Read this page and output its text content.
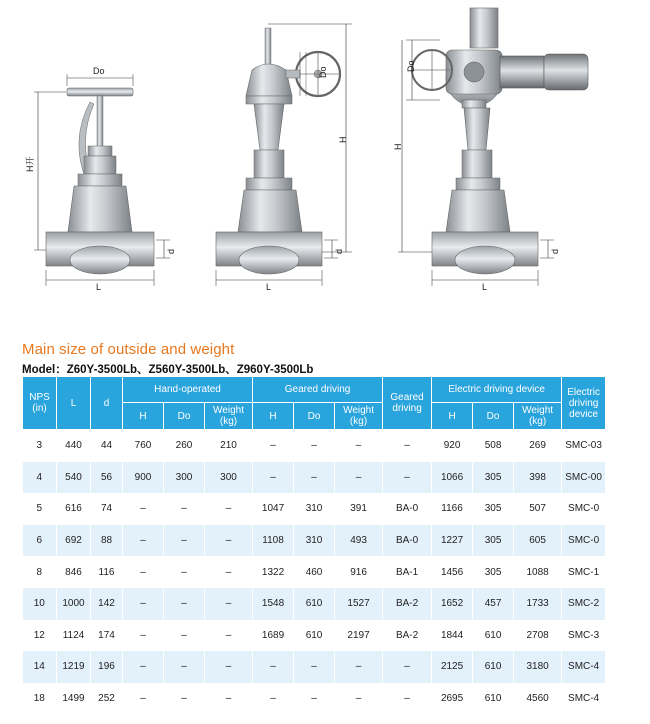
Do
H开
L
d
Do
H
L
d
Do
H
L
d
Main size of outside and weight
Model：Z60Y-3500Lb、Z560Y-3500Lb、Z960Y-3500Lb
NPS (in)	L	d	Hand-operated			Geared driving			Geared driving	Electric driving device			Electric driving device
			H	Do	Weight (kg)	H	Do	Weight (kg)		H	Do	Weight (kg)	
3	440	44	760	260	210	–	–	–	–	920	508	269	SMC-03
4	540	56	900	300	300	–	–	–	–	1066	305	398	SMC-00
5	616	74	–	–	–	1047	310	391	BA-0	1166	305	507	SMC-0
6	692	88	–	–	–	1108	310	493	BA-0	1227	305	605	SMC-0
8	846	116	–	–	–	1322	460	916	BA-1	1456	305	1088	SMC-1
10	1000	142	–	–	–	1548	610	1527	BA-2	1652	457	1733	SMC-2
12	1124	174	–	–	–	1689	610	2197	BA-2	1844	610	2708	SMC-3
14	1219	196	–	–	–	–	–	–	–	2125	610	3180	SMC-4
18	1499	252	–	–	–	–	–	–	–	2695	610	4560	SMC-4
